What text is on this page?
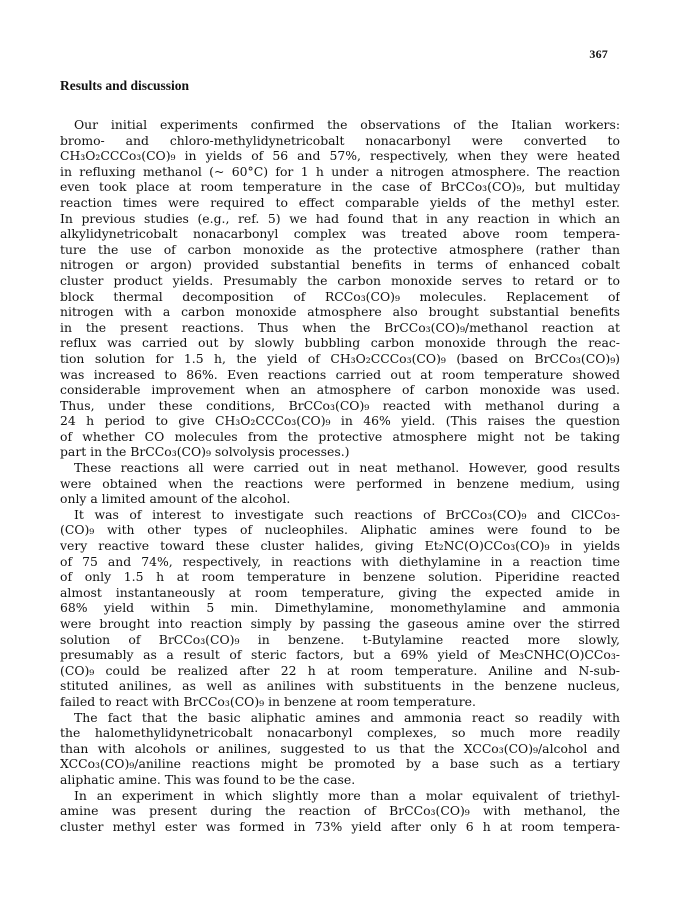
367
Results and discussion
Our initial experiments confirmed the observations of the Italian workers:
bromo- and chloro-methylidynetricobalt nonacarbonyl were converted to
CH₃O₂CCCo₃(CO)₉ in yields of 56 and 57%, respectively, when they were heated
in refluxing methanol (~ 60°C) for 1 h under a nitrogen atmosphere. The reaction
even took place at room temperature in the case of BrCCo₃(CO)₉, but multiday
reaction times were required to effect comparable yields of the methyl ester.
In previous studies (e.g., ref. 5) we had found that in any reaction in which an
alkylidynetricobalt nonacarbonyl complex was treated above room tempera-
ture the use of carbon monoxide as the protective atmosphere (rather than
nitrogen or argon) provided substantial benefits in terms of enhanced cobalt
cluster product yields. Presumably the carbon monoxide serves to retard or to
block thermal decomposition of RCCo₃(CO)₉ molecules. Replacement of
nitrogen with a carbon monoxide atmosphere also brought substantial benefits
in the present reactions. Thus when the BrCCo₃(CO)₉/methanol reaction at
reflux was carried out by slowly bubbling carbon monoxide through the reac-
tion solution for 1.5 h, the yield of CH₃O₂CCCo₃(CO)₉ (based on BrCCo₃(CO)₉)
was increased to 86%. Even reactions carried out at room temperature showed
considerable improvement when an atmosphere of carbon monoxide was used.
Thus, under these conditions, BrCCo₃(CO)₉ reacted with methanol during a
24 h period to give CH₃O₂CCCo₃(CO)₉ in 46% yield. (This raises the question
of whether CO molecules from the protective atmosphere might not be taking
part in the BrCCo₃(CO)₉ solvolysis processes.)
These reactions all were carried out in neat methanol. However, good results
were obtained when the reactions were performed in benzene medium, using
only a limited amount of the alcohol.
It was of interest to investigate such reactions of BrCCo₃(CO)₉ and ClCCo₃-
(CO)₉ with other types of nucleophiles. Aliphatic amines were found to be
very reactive toward these cluster halides, giving Et₂NC(O)CCo₃(CO)₉ in yields
of 75 and 74%, respectively, in reactions with diethylamine in a reaction time
of only 1.5 h at room temperature in benzene solution. Piperidine reacted
almost instantaneously at room temperature, giving the expected amide in
68% yield within 5 min. Dimethylamine, monomethylamine and ammonia
were brought into reaction simply by passing the gaseous amine over the stirred
solution of BrCCo₃(CO)₉ in benzene. t-Butylamine reacted more slowly,
presumably as a result of steric factors, but a 69% yield of Me₃CNHC(O)CCo₃-
(CO)₉ could be realized after 22 h at room temperature. Aniline and N-sub-
stituted anilines, as well as anilines with substituents in the benzene nucleus,
failed to react with BrCCo₃(CO)₉ in benzene at room temperature.
The fact that the basic aliphatic amines and ammonia react so readily with
the halomethylidynetricobalt nonacarbonyl complexes, so much more readily
than with alcohols or anilines, suggested to us that the XCCo₃(CO)₉/alcohol and
XCCo₃(CO)₉/aniline reactions might be promoted by a base such as a tertiary
aliphatic amine. This was found to be the case.
In an experiment in which slightly more than a molar equivalent of triethyl-
amine was present during the reaction of BrCCo₃(CO)₉ with methanol, the
cluster methyl ester was formed in 73% yield after only 6 h at room tempera-
